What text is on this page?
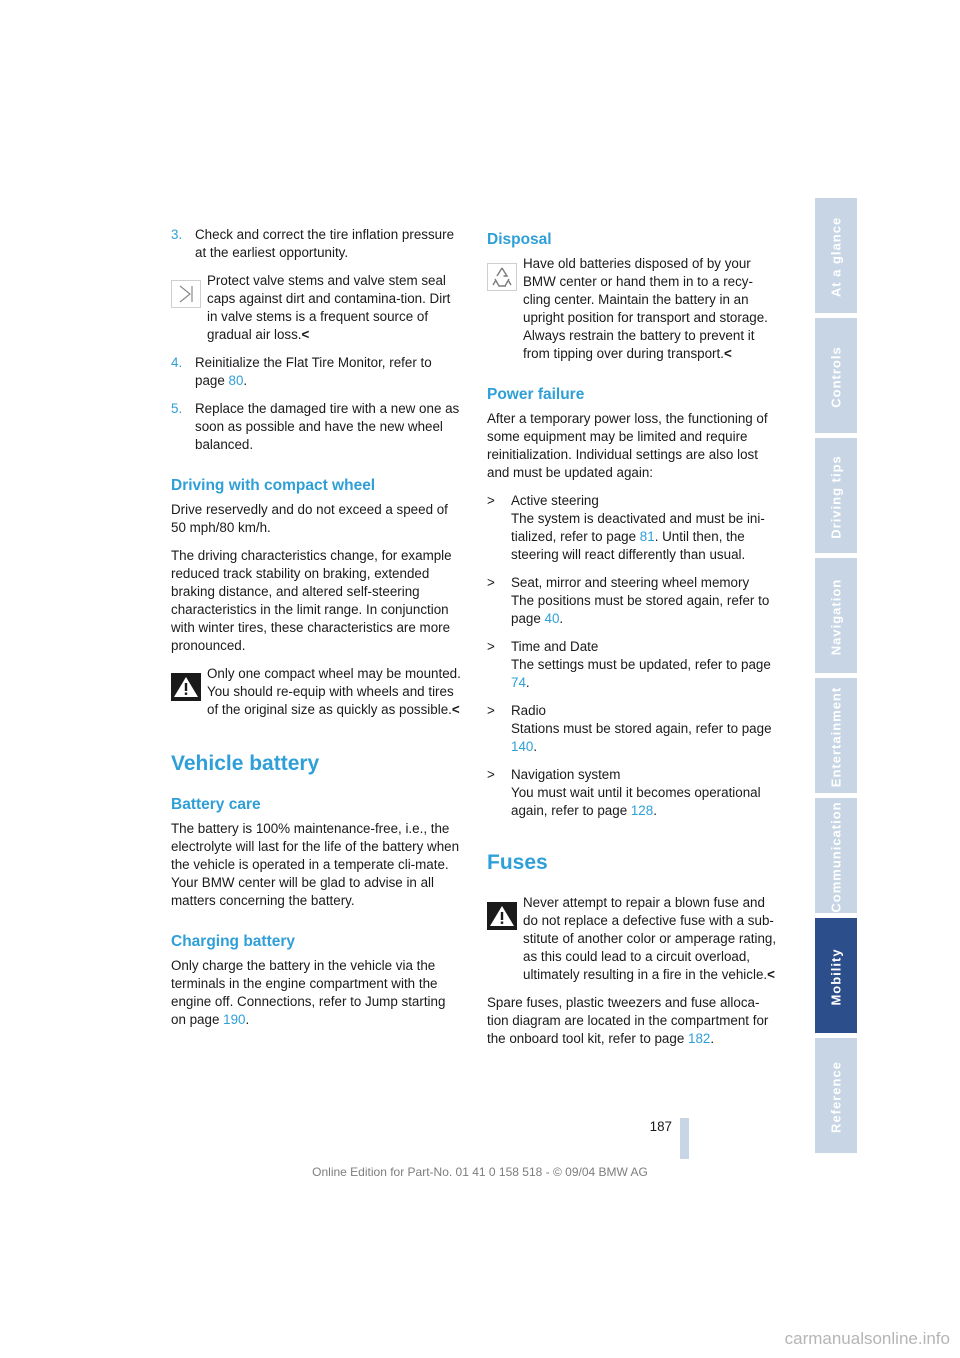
3. Check and correct the tire inflation pressure at the earliest opportunity.
Protect valve stems and valve stem seal caps against dirt and contamina-tion. Dirt in valve stems is a frequent source of gradual air loss.<
4. Reinitialize the Flat Tire Monitor, refer to page 80.
5. Replace the damaged tire with a new one as soon as possible and have the new wheel balanced.
Driving with compact wheel

Drive reservedly and do not exceed a speed of 50 mph/80 km/h.

The driving characteristics change, for example reduced track stability on braking, extended braking distance, and altered self-steering characteristics in the limit range. In conjunction with winter tires, these characteristics are more pronounced.

Only one compact wheel may be mounted. You should re-equip with wheels and tires of the original size as quickly as possible.<
Vehicle battery
Battery care

The battery is 100% maintenance-free, i.e., the electrolyte will last for the life of the battery when the vehicle is operated in a temperate cli-mate. Your BMW center will be glad to advise in all matters concerning the battery.

Charging battery

Only charge the battery in the vehicle via the terminals in the engine compartment with the engine off. Connections, refer to Jump starting on page 190.

Disposal
Have old batteries disposed of by your BMW center or hand them in to a recy-cling center. Maintain the battery in an upright position for transport and storage. Always restrain the battery to prevent it from tipping over during transport.<
Power failure

After a temporary power loss, the functioning of some equipment may be limited and require reinitialization. Individual settings are also lost and must be updated again:

> Active steering
The system is deactivated and must be ini-tialized, refer to page 81. Until then, the steering will react differently than usual.
> Seat, mirror and steering wheel memory
The positions must be stored again, refer to page 40.
> Time and Date
The settings must be updated, refer to page 74.
> Radio
Stations must be stored again, refer to page 140.
> Navigation system
You must wait until it becomes operational again, refer to page 128.
Fuses
Never attempt to repair a blown fuse and do not replace a defective fuse with a sub-stitute of another color or amperage rating, as this could lead to a circuit overload, ultimately resulting in a fire in the vehicle.<

Spare fuses, plastic tweezers and fuse alloca-tion diagram are located in the compartment for the onboard tool kit, refer to page 182.

At a glance
Controls
Driving tips
Navigation
Entertainment
Communication
Mobility
Reference
187
Online Edition for Part-No. 01 41 0 158 518 - © 09/04 BMW AG
carmanualsonline.info
